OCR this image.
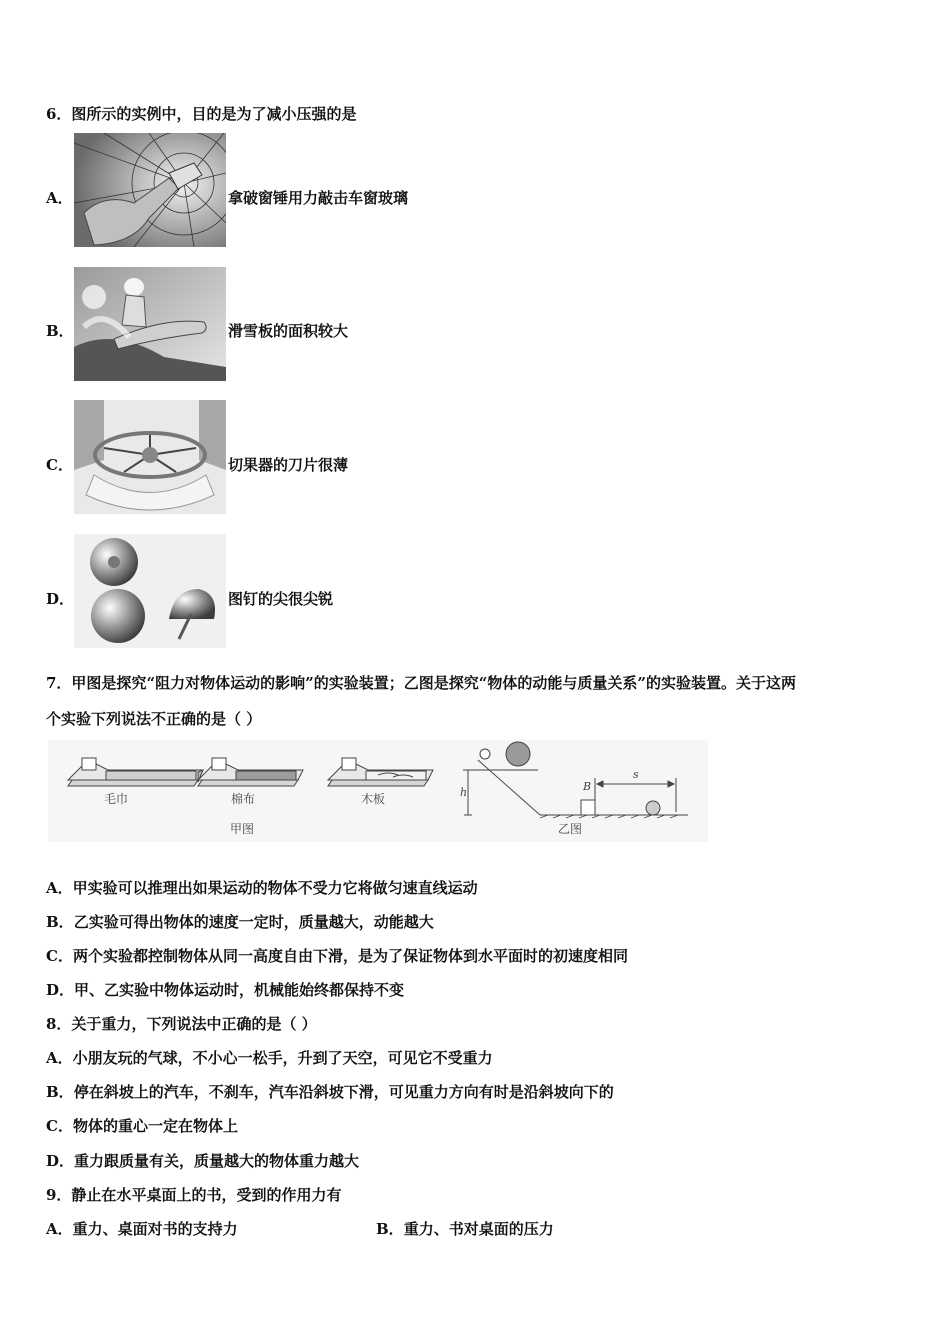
6．图所示的实例中，目的是为了减小压强的是
A．	拿破窗锤用力敲击车窗玻璃
B．	滑雪板的面积较大
C．	切果器的刀片很薄
D．	图钉的尖很尖锐
7．甲图是探究“阻力对物体运动的影响”的实验装置；乙图是探究“物体的动能与质量关系”的实验装置。关于这两
个实验下列说法不正确的是（ ）
毛巾	棉布	木板
甲图	乙图
h	B
s
A．甲实验可以推理出如果运动的物体不受力它将做匀速直线运动
B．乙实验可得出物体的速度一定时，质量越大，动能越大
C．两个实验都控制物体从同一高度自由下滑，是为了保证物体到水平面时的初速度相同
D．甲、乙实验中物体运动时，机械能始终都保持不变
8．关于重力，下列说法中正确的是（ ）
A．小朋友玩的气球，不小心一松手，升到了天空，可见它不受重力
B．停在斜坡上的汽车，不刹车，汽车沿斜坡下滑，可见重力方向有时是沿斜坡向下的
C．物体的重心一定在物体上
D．重力跟质量有关，质量越大的物体重力越大
9．静止在水平桌面上的书，受到的作用力有
A．重力、桌面对书的支持力	B．重力、书对桌面的压力
